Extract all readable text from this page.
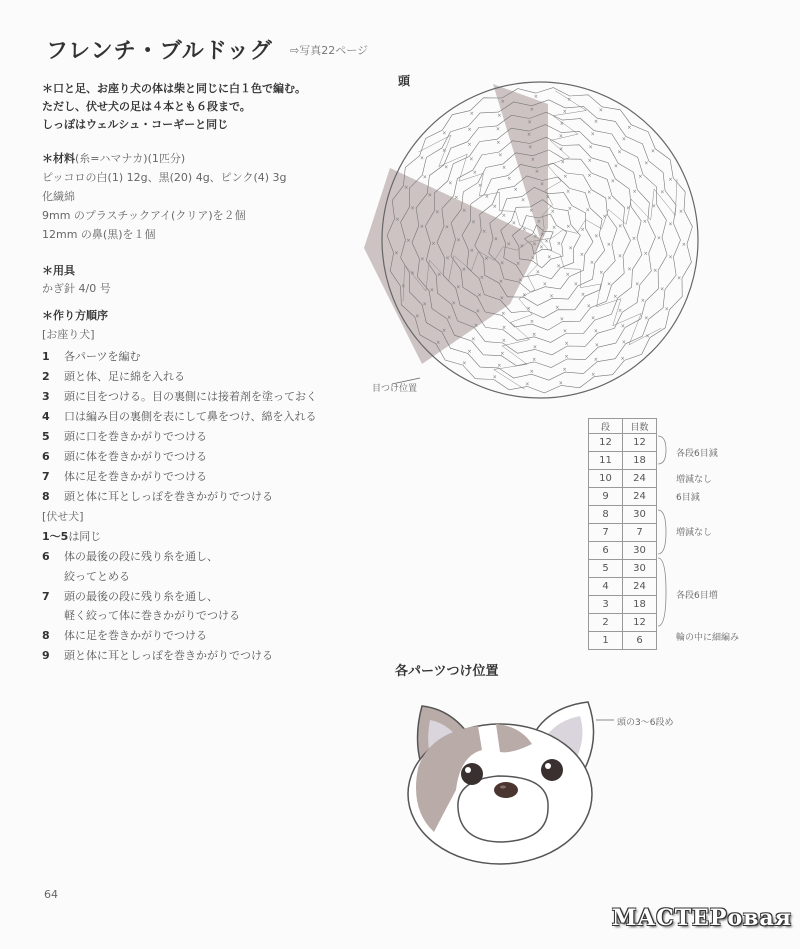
フレンチ・ブルドッグ ⇨写真22ページ
＊口と足、お座り犬の体は柴と同じに白１色で編む。
ただし、伏せ犬の足は４本とも６段まで。
しっぽはウェルシュ・コーギーと同じ
＊材料(糸=ハマナカ)(1匹分)
ピッコロの白(1) 12g、黒(20) 4g、ピンク(4) 3g
化繊綿
9mm のプラスチックアイ(クリア)を２個
12mm の鼻(黒)を１個
＊用具
かぎ針 4/0 号
＊作り方順序
[お座り犬]
1 各パーツを編む
2 頭と体、足に綿を入れる
3 頭に目をつける。目の裏側には接着剤を塗っておく
4 口は編み目の裏側を表にして鼻をつけ、綿を入れる
5 頭に口を巻きかがりでつける
6 頭に体を巻きかがりでつける
7 体に足を巻きかがりでつける
8 頭と体に耳としっぽを巻きかがりでつける
[伏せ犬]
1～5は同じ
6 体の最後の段に残り糸を通し、
絞ってとめる
7 頭の最後の段に残り糸を通し、
軽く絞って体に巻きかがりでつける
8 体に足を巻きかがりでつける
9 頭と体に耳としっぽを巻きかがりでつける
頭
×
×
×
× ×
×
×
×
×
×
×
×
×
×
×
×
×
×
×	×
×
×
×
×
×
×
×
×
×	×
×
×
×
×
×
×
×
×
×
×
×
×
×
×
×
×
×
×
×
×
×
×
×
×
×
×
×
×
×
×
×
×
×
×
×
×
×
×
×
×
×
×	×
×
×
×
×
×
×
×
×
×
×
×
×
×
×
×
×
×	×
×
×
×
×
×
×
×
×
×
×
×
×
×
×
×
×
×
×
×	×
×
×
×
×
×
×
×
×
×
×
×
×
×
×
×
×
×
×
×
×
×	×
×
×
×
×
×
×
×
×
×
×
×
×
×
×
×
×
×
×
×
×
×
×
×	×
×
×
×
×
×
×
×
×
×
×
×
×
×
×
×
×
×
×
×
×
×
×
×
×
×	×
×
×
×
×
×
×
×
×
×
目つけ位置
段	目数
12	12
11	18
10	24
9	24
8	30
7	7
6	30
5	30
4	24
3	18
2	12
1	6
各段6目減
増減なし
6目減
増減なし
各段6目増
輪の中に細編み
各パーツつけ位置
頭の3～6段め
64
МАСТЕРовая
